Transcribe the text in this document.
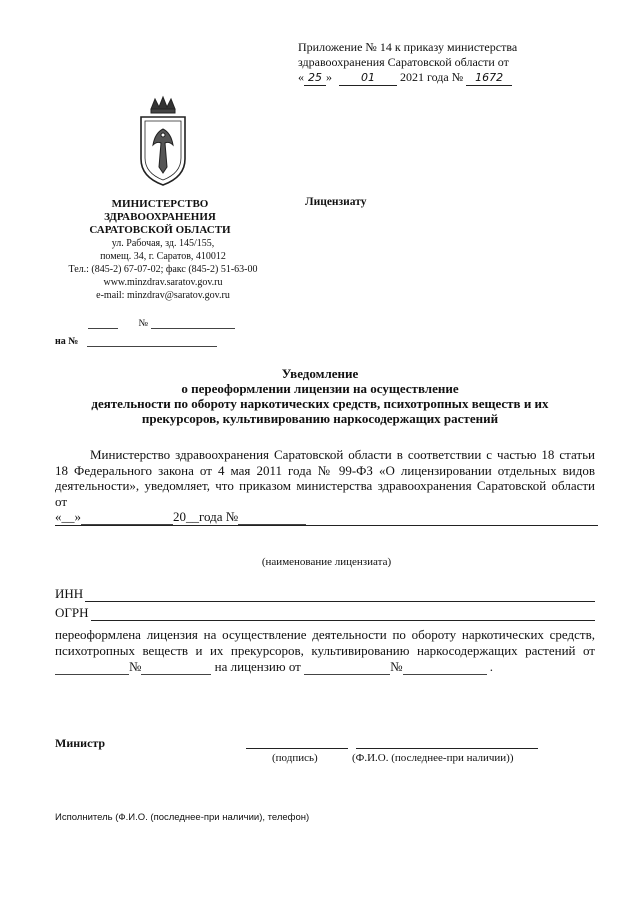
Приложение № 14 к приказу министерства
здравоохранения Саратовской области от
« 25 »	01 2021 года № 1672
МИНИСТЕРСТВО
ЗДРАВООХРАНЕНИЯ
САРАТОВСКОЙ ОБЛАСТИ
ул. Рабочая, зд. 145/155,
помещ. 34, г. Саратов, 410012
Тел.: (845-2) 67-07-02; факс (845-2) 51-63-00
www.minzdrav.saratov.gov.ru
e-mail: minzdrav@saratov.gov.ru
Лицензиату
№
на №
Уведомление
о переоформлении лицензии на осуществление
деятельности по обороту наркотических средств, психотропных веществ и их
прекурсоров, культивированию наркосодержащих растений

Министерство здравоохранения Саратовской области в соответствии с частью 18 статьи 18 Федерального закона от 4 мая 2011 года № 99-ФЗ «О лицензировании отдельных видов деятельности», уведомляет, что приказом министерства здравоохранения Саратовской области от

«__»	20__года №

(наименование лицензиата)
ИНН
ОГРН

переоформлена лицензия на осуществление деятельности по обороту наркотических средств, психотропных веществ и их прекурсоров, культивированию наркосодержащих растений от №	на лицензию от	№	.

Министр
(подпись)	(Ф.И.О. (последнее-при наличии))
Исполнитель (Ф.И.О. (последнее-при наличии), телефон)
